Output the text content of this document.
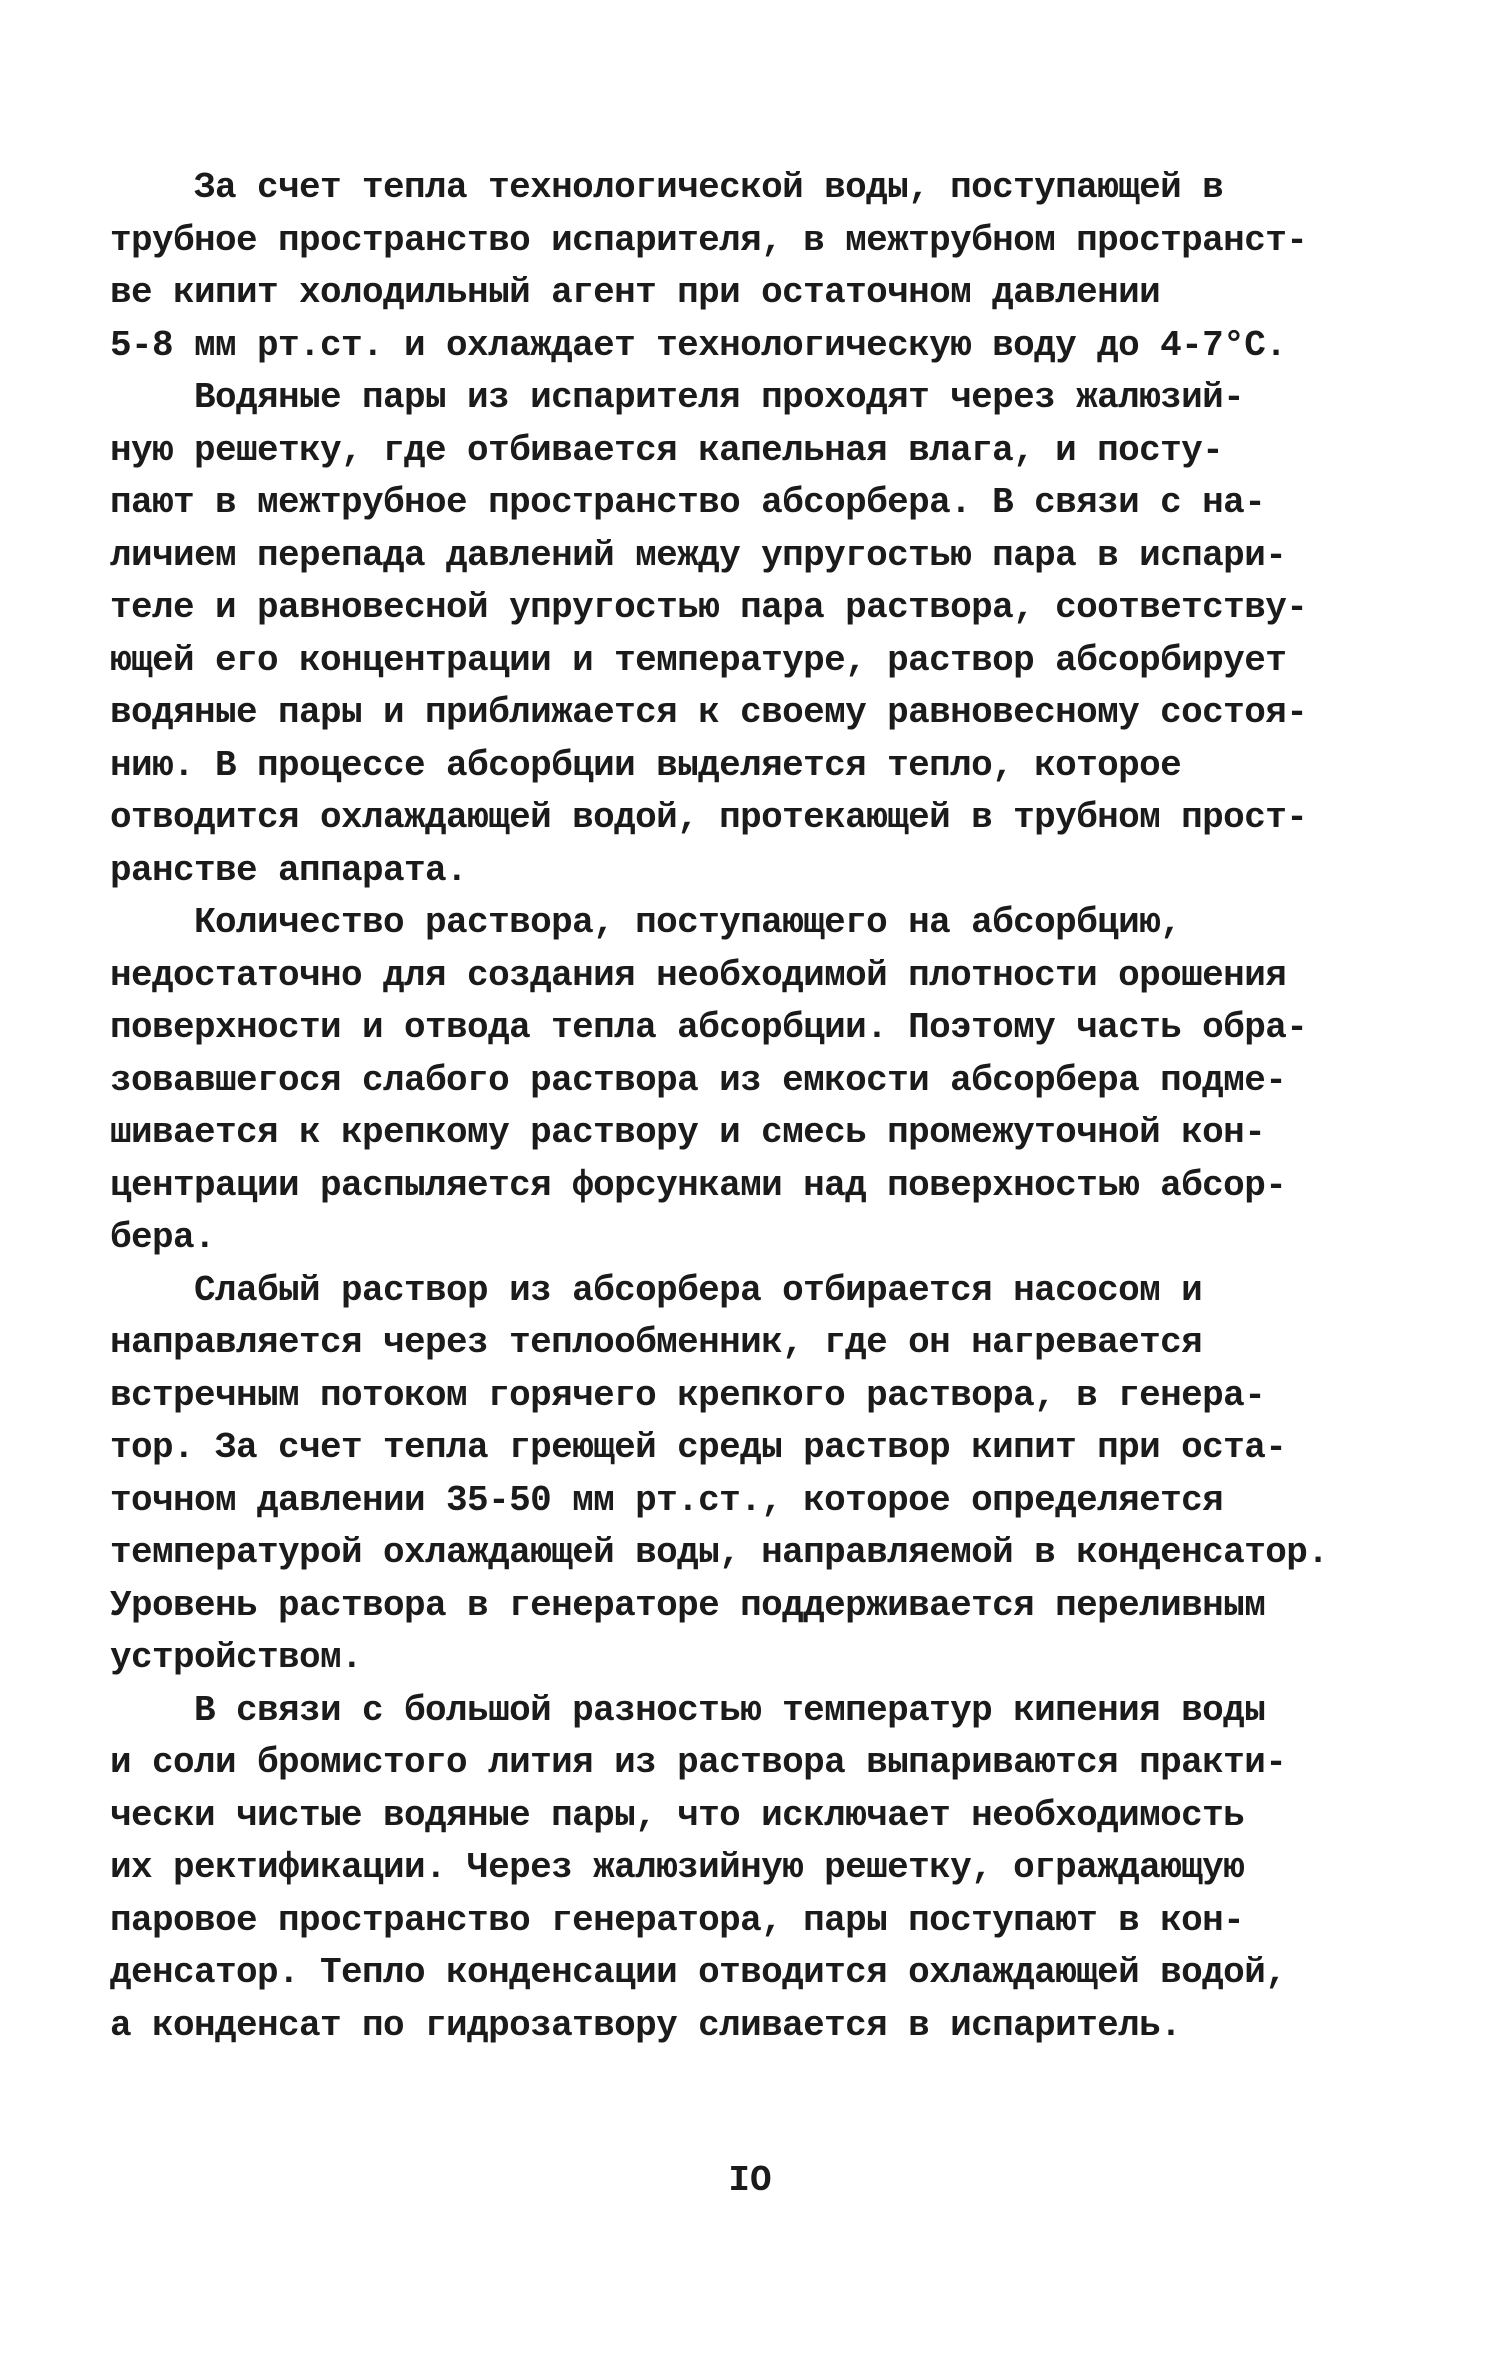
За счет тепла технологической воды, поступающей в
трубное пространство испарителя, в межтрубном пространст-
ве кипит холодильный агент при остаточном давлении
5-8 мм рт.ст. и охлаждает технологическую воду до 4-7°С.
Водяные пары из испарителя проходят через жалюзий-
ную решетку, где отбивается капельная влага, и посту-
пают в межтрубное пространство абсорбера. В связи с на-
личием перепада давлений между упругостью пара в испари-
теле и равновесной упругостью пара раствора, соответству-
ющей его концентрации и температуре, раствор абсорбирует
водяные пары и приближается к своему равновесному состоя-
нию. В процессе абсорбции выделяется тепло, которое
отводится охлаждающей водой, протекающей в трубном прост-
ранстве аппарата.
Количество раствора, поступающего на абсорбцию,
недостаточно для создания необходимой плотности орошения
поверхности и отвода тепла абсорбции. Поэтому часть обра-
зовавшегося слабого раствора из емкости абсорбера подме-
шивается к крепкому раствору и смесь промежуточной кон-
центрации распыляется форсунками над поверхностью абсор-
бера.
Слабый раствор из абсорбера отбирается насосом и
направляется через теплообменник, где он нагревается
встречным потоком горячего крепкого раствора, в генера-
тор. За счет тепла греющей среды раствор кипит при оста-
точном давлении 35-50 мм рт.ст., которое определяется
температурой охлаждающей воды, направляемой в конденсатор.
Уровень раствора в генераторе поддерживается переливным
устройством.
В связи с большой разностью температур кипения воды
и соли бромистого лития из раствора выпариваются практи-
чески чистые водяные пары, что исключает необходимость
их ректификации. Через жалюзийную решетку, ограждающую
паровое пространство генератора, пары поступают в кон-
денсатор. Тепло конденсации отводится охлаждающей водой,
а конденсат по гидрозатвору сливается в испаритель.
IO
